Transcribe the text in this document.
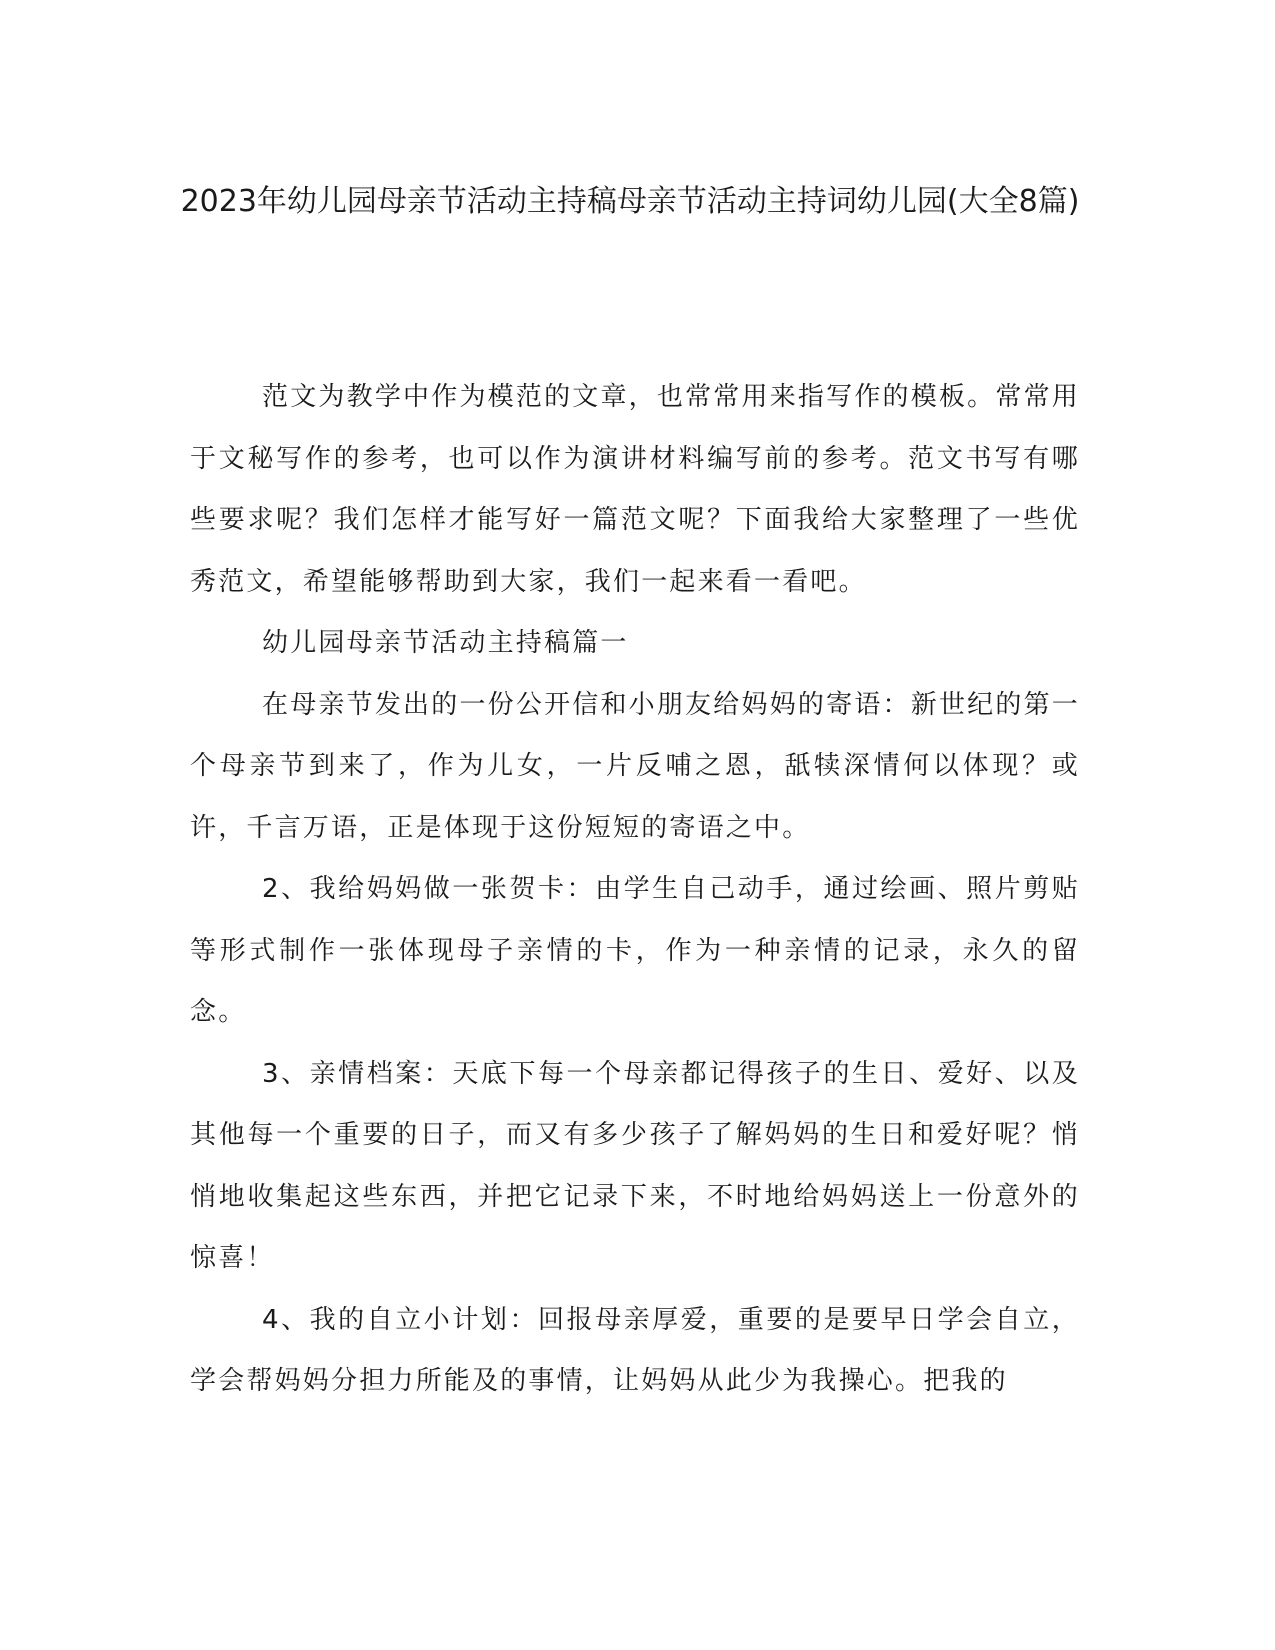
2023年幼儿园母亲节活动主持稿母亲节活动主持词幼儿园(大全8篇)

范文为教学中作为模范的文章，也常常用来指写作的模板。常常用于文秘写作的参考，也可以作为演讲材料编写前的参考。范文书写有哪些要求呢？我们怎样才能写好一篇范文呢？下面我给大家整理了一些优秀范文，希望能够帮助到大家，我们一起来看一看吧。

幼儿园母亲节活动主持稿篇一

在母亲节发出的一份公开信和小朋友给妈妈的寄语：新世纪的第一个母亲节到来了，作为儿女，一片反哺之恩，舐犊深情何以体现？或许，千言万语，正是体现于这份短短的寄语之中。

2、我给妈妈做一张贺卡：由学生自己动手，通过绘画、照片剪贴等形式制作一张体现母子亲情的卡，作为一种亲情的记录，永久的留念。

3、亲情档案：天底下每一个母亲都记得孩子的生日、爱好、以及其他每一个重要的日子，而又有多少孩子了解妈妈的生日和爱好呢？悄悄地收集起这些东西，并把它记录下来，不时地给妈妈送上一份意外的惊喜！

4、我的自立小计划：回报母亲厚爱，重要的是要早日学会自立，学会帮妈妈分担力所能及的事情，让妈妈从此少为我操心。把我的
